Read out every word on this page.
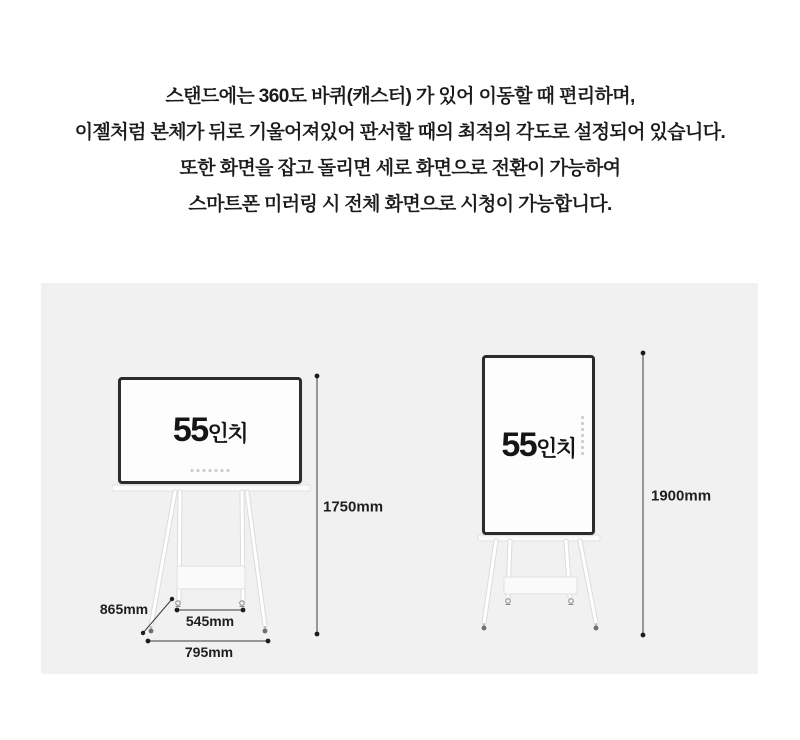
스탠드에는 360도 바퀴(캐스터) 가 있어 이동할 때 편리하며,
이젤처럼 본체가 뒤로 기울어져있어 판서할 때의 최적의 각도로 설정되어 있습니다.
또한 화면을 잡고 돌리면 세로 화면으로 전환이 가능하여
스마트폰 미러링 시 전체 화면으로 시청이 가능합니다.
55 인치	55 인치
1750mm
865mm
545mm
795mm
1900mm
